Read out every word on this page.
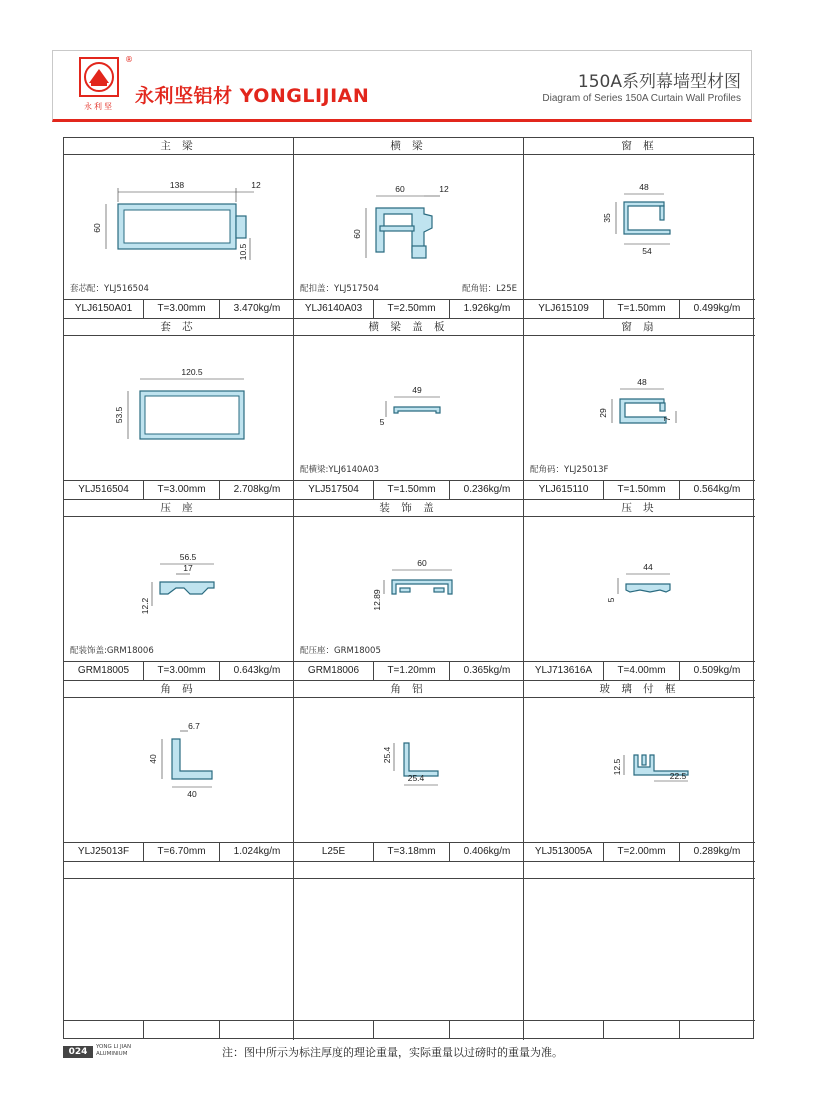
永利坚
®
永利坚铝材 YONGLIJIAN
150A系列幕墙型材图
Diagram of Series 150A Curtain Wall Profiles
主 梁
138	12
60
10.5
套芯配：YLJ516504
YLJ6150A01	T=3.00mm	3.470kg/m
横 梁
60	12
60
配扣盖：YLJ517504	配角铝：L25E
YLJ6140A03	T=2.50mm	1.926kg/m
窗 框
48
35
54
YLJ615109	T=1.50mm	0.499kg/m
套 芯
120.5
53.5
YLJ516504	T=3.00mm	2.708kg/m
横 梁 盖 板
49
5
配横梁:YLJ6140A03
YLJ517504	T=1.50mm	0.236kg/m
窗 扇
48
29
7
配角码：YLJ25013F
YLJ615110	T=1.50mm	0.564kg/m
压 座
56.5
17
12.2
配装饰盖:GRM18006
GRM18005	T=3.00mm	0.643kg/m
装 饰 盖
60
12.89
配压座：GRM18005
GRM18006	T=1.20mm	0.365kg/m
压 块
44
5
YLJ713616A	T=4.00mm	0.509kg/m
角 码
6.7
40
40
YLJ25013F	T=6.70mm	1.024kg/m
角 铝
25.4
25.4
L25E	T=3.18mm	0.406kg/m
玻 璃 付 框
12.5
22.5
YLJ513005A	T=2.00mm	0.289kg/m
024	YONG LI JIAN
ALUMINIUM	注：图中所示为标注厚度的理论重量，实际重量以过磅时的重量为准。
